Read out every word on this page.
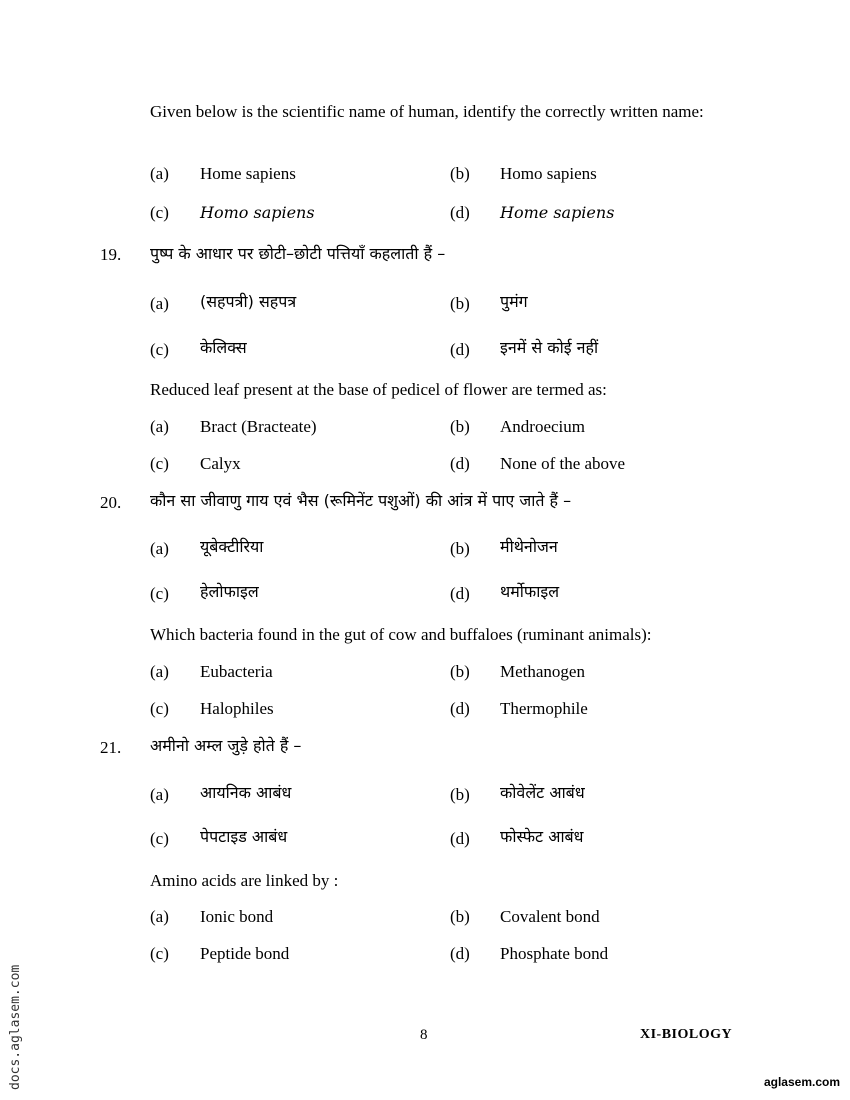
Given below is the scientific name of human, identify the correctly written name:
(a) Home sapiens	(b) Homo sapiens
(c) Homo sapiens	(d) Home sapiens
19. पुष्प के आधार पर छोटी–छोटी पत्तियाँ कहलाती हैं –
(a) (सहपत्री) सहपत्र	(b) पुमंग
(c) केलिक्स	(d) इनमें से कोई नहीं
Reduced leaf present at the base of pedicel of flower are termed as:
(a) Bract (Bracteate)	(b) Androecium
(c) Calyx	(d) None of the above
20. कौन सा जीवाणु गाय एवं भैस (रूमिनेंट पशुओं) की आंत्र में पाए जाते हैं –
(a) यूबेक्टीरिया	(b) मीथेनोजन
(c) हेलोफाइल	(d) थर्मोफाइल
Which bacteria found in the gut of cow and buffaloes (ruminant animals):
(a) Eubacteria	(b) Methanogen
(c) Halophiles	(d) Thermophile
21. अमीनो अम्ल जुड़े होते हैं –
(a) आयनिक आबंध	(b) कोवेलेंट आबंध
(c) पेपटाइड आबंध	(d) फोस्फेट आबंध
Amino acids are linked by :
(a) Ionic bond	(b) Covalent bond
(c) Peptide bond	(d) Phosphate bond
8	XI-BIOLOGY
docs.aglasem.com	aglasem.com
